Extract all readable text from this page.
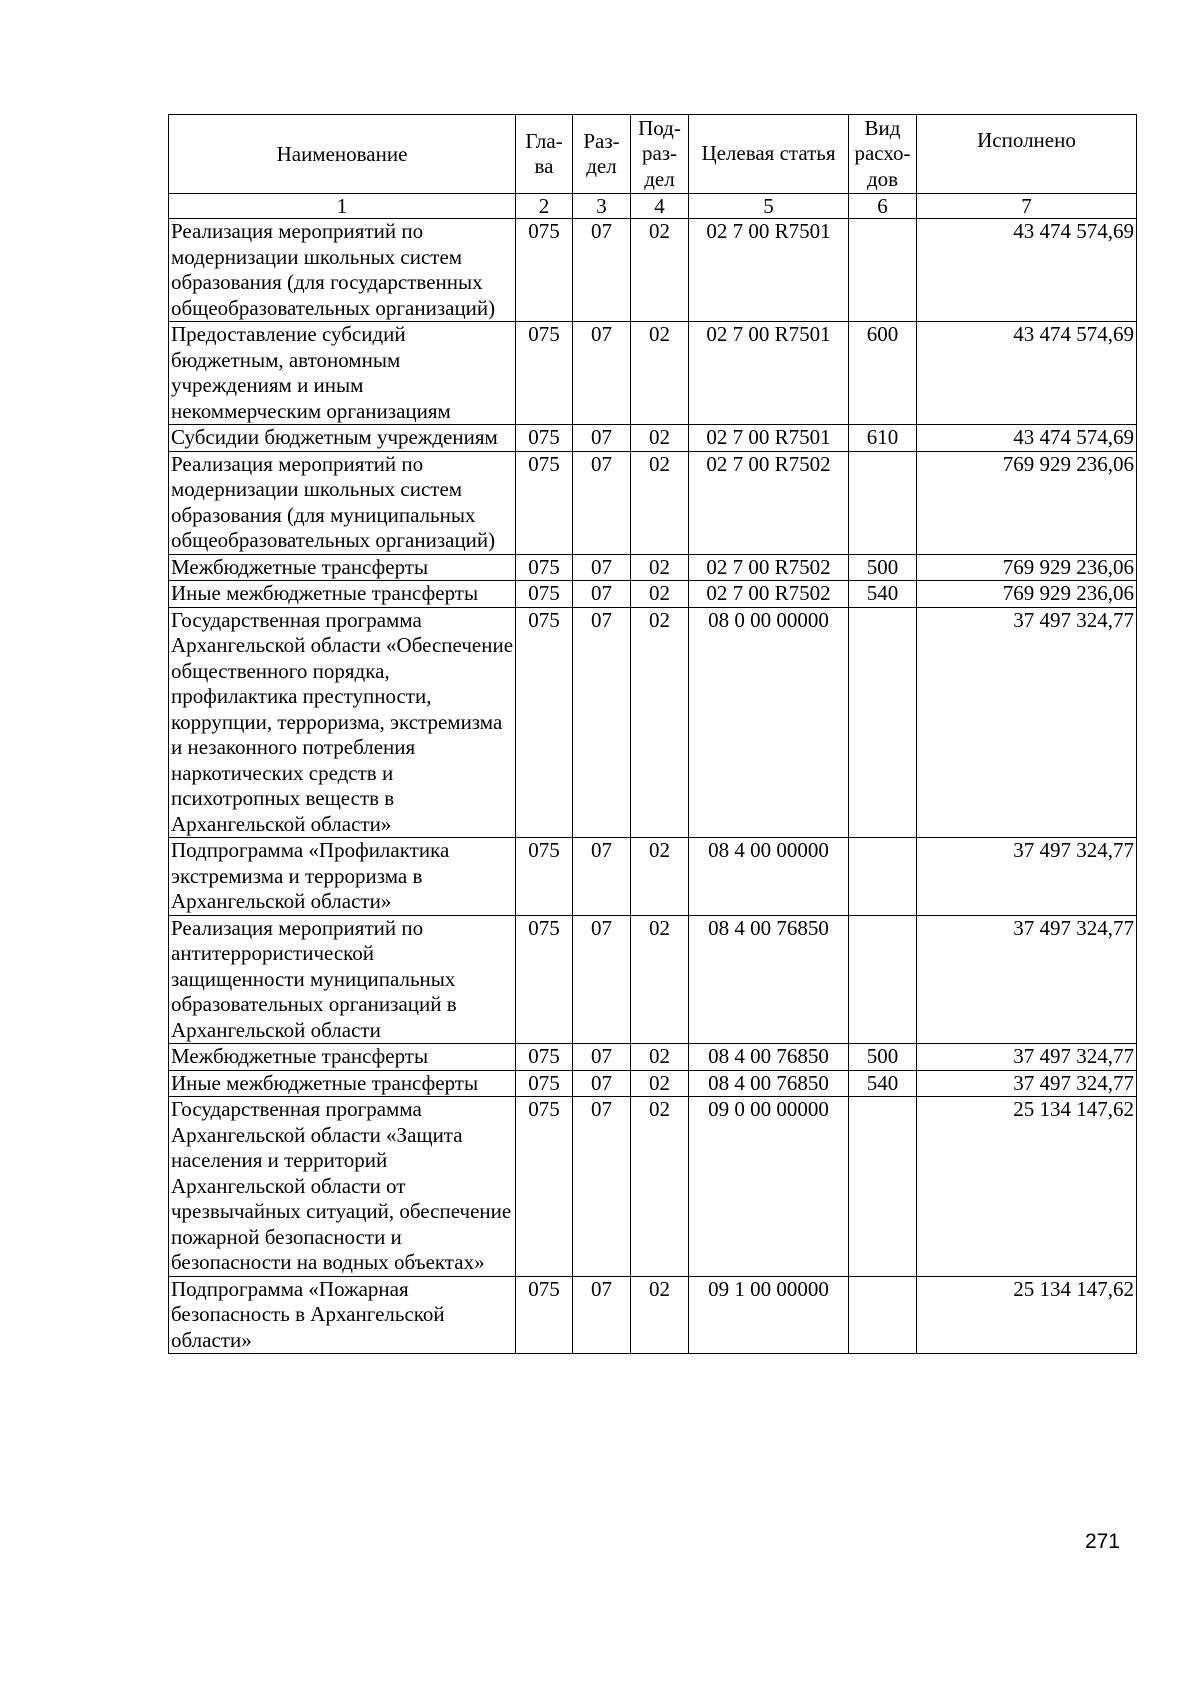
Наименование	Гла-ва	Раз-дел	Под-раз-дел	Целевая статья	Вид расхо-дов	Исполнено

1	2	3	4	5	6	7
Реализация мероприятий по модернизации школьных систем образования (для государственных общеобразовательных организаций)	075	07	02	02 7 00 R7501		43 474 574,69
Предоставление субсидий бюджетным, автономным учреждениям и иным некоммерческим организациям	075	07	02	02 7 00 R7501	600	43 474 574,69
Субсидии бюджетным учреждениям	075	07	02	02 7 00 R7501	610	43 474 574,69
Реализация мероприятий по модернизации школьных систем образования (для муниципальных общеобразовательных организаций)	075	07	02	02 7 00 R7502		769 929 236,06
Межбюджетные трансферты	075	07	02	02 7 00 R7502	500	769 929 236,06
Иные межбюджетные трансферты	075	07	02	02 7 00 R7502	540	769 929 236,06
Государственная программа Архангельской области «Обеспечение общественного порядка, профилактика преступности, коррупции, терроризма, экстремизма и незаконного потребления наркотических средств и психотропных веществ в Архангельской области»	075	07	02	08 0 00 00000		37 497 324,77
Подпрограмма «Профилактика экстремизма и терроризма в Архангельской области»	075	07	02	08 4 00 00000		37 497 324,77
Реализация мероприятий по антитеррористической защищенности муниципальных образовательных организаций в Архангельской области	075	07	02	08 4 00 76850		37 497 324,77
Межбюджетные трансферты	075	07	02	08 4 00 76850	500	37 497 324,77
Иные межбюджетные трансферты	075	07	02	08 4 00 76850	540	37 497 324,77
Государственная программа Архангельской области «Защита населения и территорий Архангельской области от чрезвычайных ситуаций, обеспечение пожарной безопасности и безопасности на водных объектах»	075	07	02	09 0 00 00000		25 134 147,62
Подпрограмма «Пожарная безопасность в Архангельской области»	075	07	02	09 1 00 00000		25 134 147,62
271
